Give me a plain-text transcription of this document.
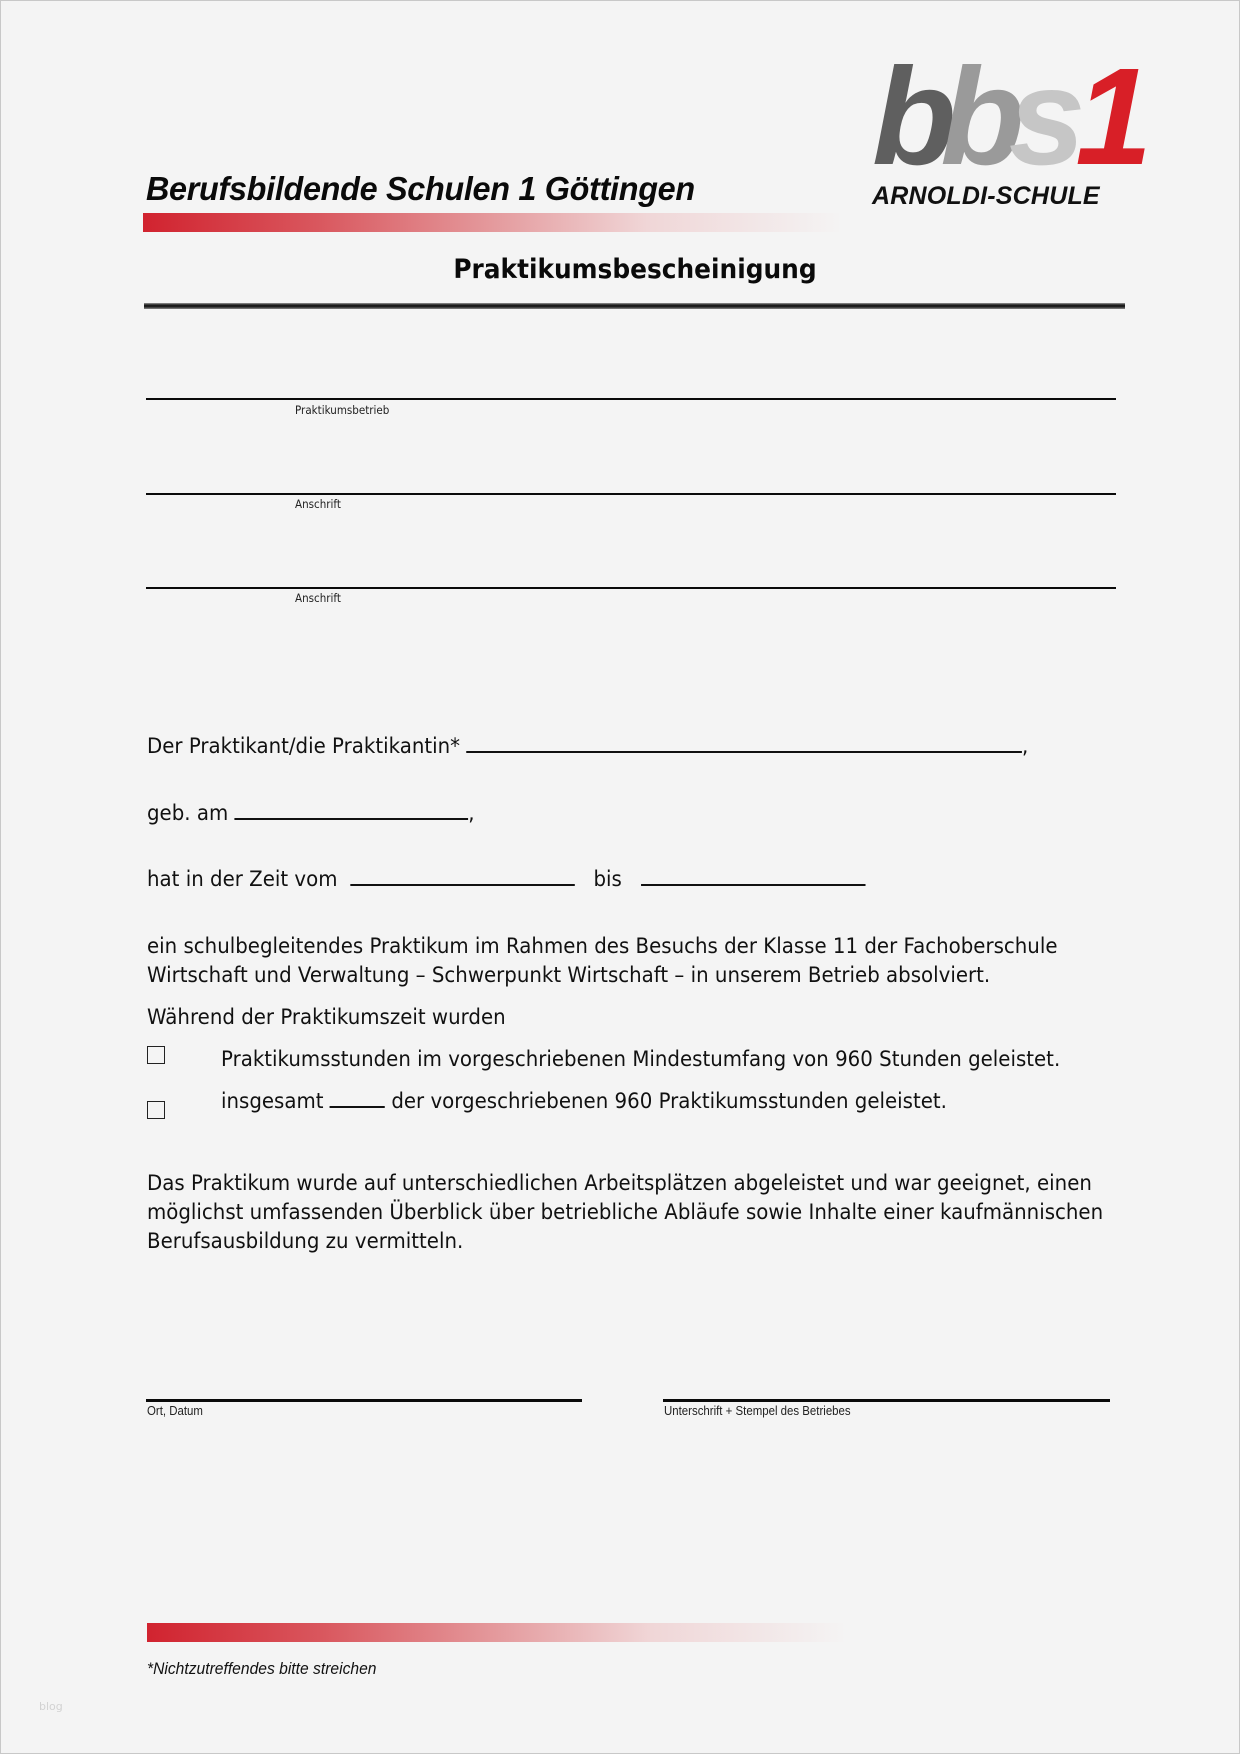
Berufsbildende Schulen 1 Göttingen bbs1
ARNOLDI-SCHULE
Praktikumsbescheinigung
Praktikumsbetrieb
Anschrift
Anschrift
Der Praktikant/die Praktikantin*	,
geb. am	,
hat in der Zeit vom	bis
ein schulbegleitendes Praktikum im Rahmen des Besuchs der Klasse 11 der Fachoberschule
Wirtschaft und Verwaltung – Schwerpunkt Wirtschaft – in unserem Betrieb absolviert.
Während der Praktikumszeit wurden
Praktikumsstunden im vorgeschriebenen Mindestumfang von 960 Stunden geleistet.
insgesamt	der vorgeschriebenen 960 Praktikumsstunden geleistet.
Das Praktikum wurde auf unterschiedlichen Arbeitsplätzen abgeleistet und war geeignet, einen
möglichst umfassenden Überblick über betriebliche Abläufe sowie Inhalte einer kaufmännischen
Berufsausbildung zu vermitteln.
Ort, Datum	Unterschrift + Stempel des Betriebes
*Nichtzutreffendes bitte streichen
blog
